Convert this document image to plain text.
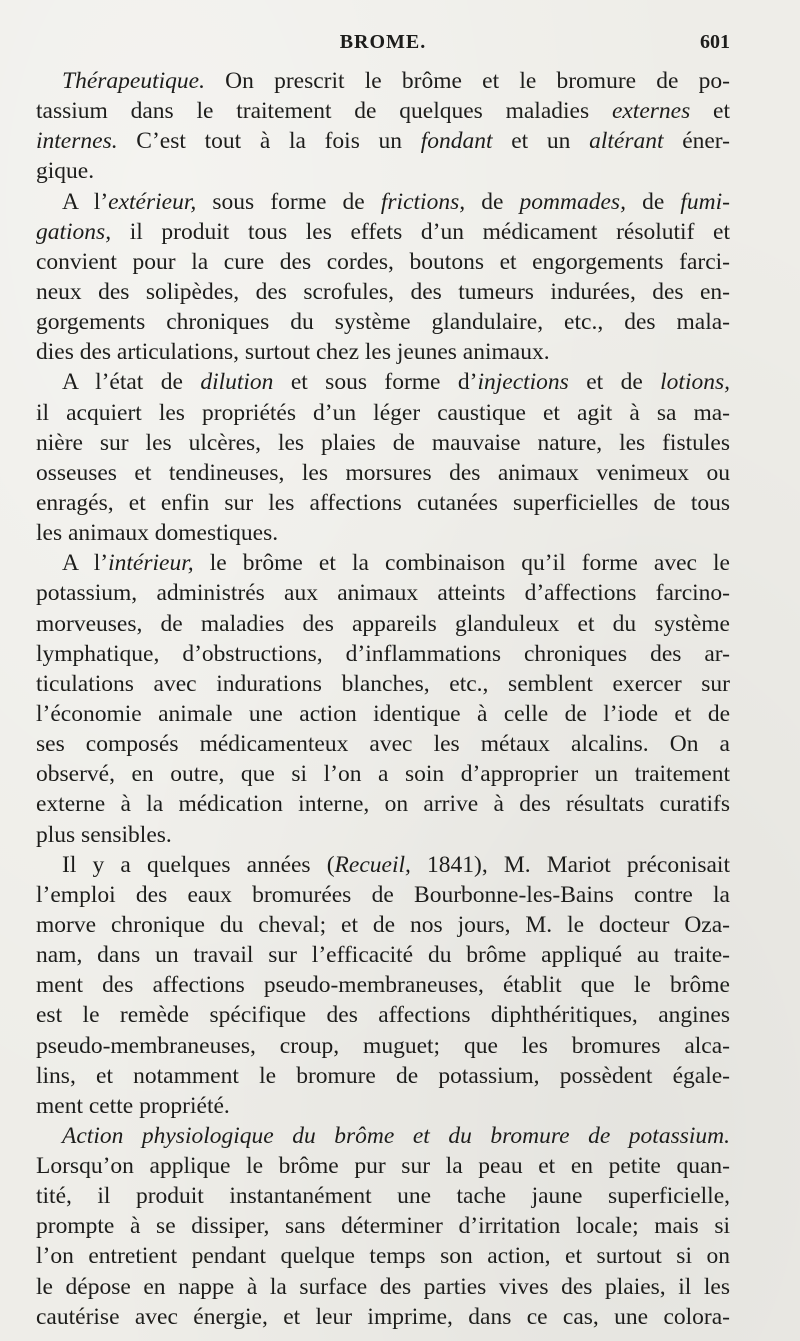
BROME.	601
Thérapeutique. On prescrit le brôme et le bromure de po-
tassium dans le traitement de quelques maladies externes et
internes. C’est tout à la fois un fondant et un altérant éner-
gique.
A l’extérieur, sous forme de frictions, de pommades, de fumi-
gations, il produit tous les effets d’un médicament résolutif et
convient pour la cure des cordes, boutons et engorgements farci-
neux des solipèdes, des scrofules, des tumeurs indurées, des en-
gorgements chroniques du système glandulaire, etc., des mala-
dies des articulations, surtout chez les jeunes animaux.
A l’état de dilution et sous forme d’injections et de lotions,
il acquiert les propriétés d’un léger caustique et agit à sa ma-
nière sur les ulcères, les plaies de mauvaise nature, les fistules
osseuses et tendineuses, les morsures des animaux venimeux ou
enragés, et enfin sur les affections cutanées superficielles de tous
les animaux domestiques.
A l’intérieur, le brôme et la combinaison qu’il forme avec le
potassium, administrés aux animaux atteints d’affections farcino-
morveuses, de maladies des appareils glanduleux et du système
lymphatique, d’obstructions, d’inflammations chroniques des ar-
ticulations avec indurations blanches, etc., semblent exercer sur
l’économie animale une action identique à celle de l’iode et de
ses composés médicamenteux avec les métaux alcalins. On a
observé, en outre, que si l’on a soin d’approprier un traitement
externe à la médication interne, on arrive à des résultats curatifs
plus sensibles.
Il y a quelques années (Recueil, 1841), M. Mariot préconisait
l’emploi des eaux bromurées de Bourbonne-les-Bains contre la
morve chronique du cheval; et de nos jours, M. le docteur Oza-
nam, dans un travail sur l’efficacité du brôme appliqué au traite-
ment des affections pseudo-membraneuses, établit que le brôme
est le remède spécifique des affections diphthéritiques, angines
pseudo-membraneuses, croup, muguet; que les bromures alca-
lins, et notamment le bromure de potassium, possèdent égale-
ment cette propriété.
Action physiologique du brôme et du bromure de potassium.
Lorsqu’on applique le brôme pur sur la peau et en petite quan-
tité, il produit instantanément une tache jaune superficielle,
prompte à se dissiper, sans déterminer d’irritation locale; mais si
l’on entretient pendant quelque temps son action, et surtout si on
le dépose en nappe à la surface des parties vives des plaies, il les
cautérise avec énergie, et leur imprime, dans ce cas, une colora-
